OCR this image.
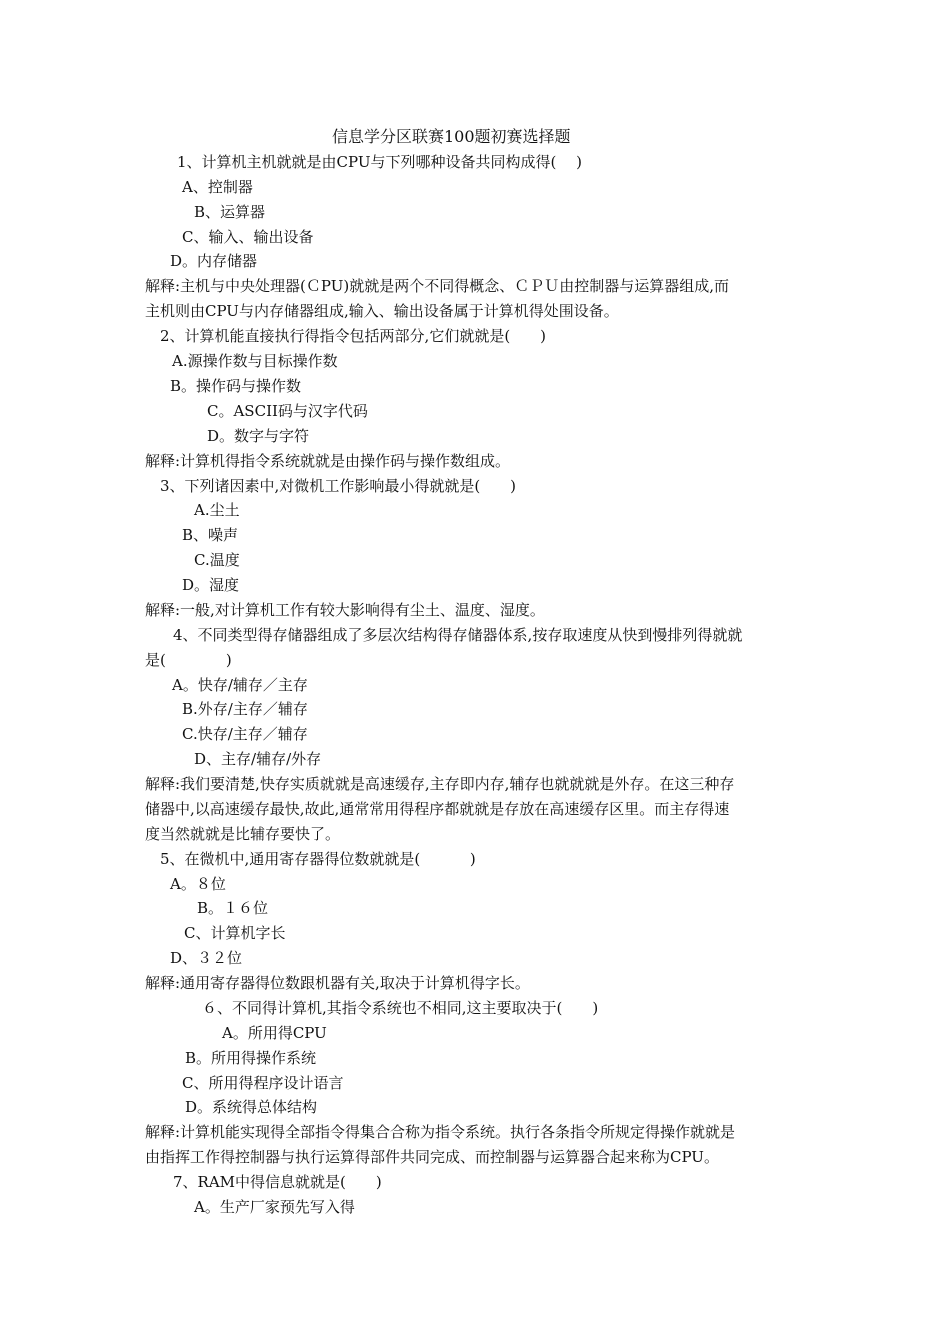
信息学分区联赛100题初赛选择题
1、计算机主机就就是由CPU与下列哪种设备共同构成得(　 )
A、控制器
B、运算器
C、输入、输出设备
D。内存储器
解释:主机与中央处理器(ＣPU)就就是两个不同得概念、ＣＰＵ由控制器与运算器组成,而
主机则由CPU与内存储器组成,输入、输出设备属于计算机得处围设备。
2、计算机能直接执行得指令包括两部分,它们就就是(　　)
A.源操作数与目标操作数
B。操作码与操作数
C。ASCII码与汉字代码
D。数字与字符
解释:计算机得指令系统就就是由操作码与操作数组成。
3、下列诸因素中,对微机工作影响最小得就就是(　　)
A.尘土
B、噪声
C.温度
D。湿度
解释:一般,对计算机工作有较大影响得有尘土、温度、湿度。
4、不同类型得存储器组成了多层次结构得存储器体系,按存取速度从快到慢排列得就就
是(　　　　)
A。快存/辅存／主存
B.外存/主存／辅存
C.快存/主存／辅存
D、主存/辅存/外存
解释:我们要清楚,快存实质就就是高速缓存,主存即内存,辅存也就就就是外存。在这三种存
储器中,以高速缓存最快,故此,通常常用得程序都就就是存放在高速缓存区里。而主存得速
度当然就就是比辅存要快了。
5、在微机中,通用寄存器得位数就就是(　　　 )
A。８位
B。１６位
C、计算机字长
D、３２位
解释:通用寄存器得位数跟机器有关,取决于计算机得字长。
６、不同得计算机,其指令系统也不相同,这主要取决于(　　)
A。所用得CPU
B。所用得操作系统
C、所用得程序设计语言
D。系统得总体结构
解释:计算机能实现得全部指令得集合合称为指令系统。执行各条指令所规定得操作就就是
由指挥工作得控制器与执行运算得部件共同完成、而控制器与运算器合起来称为CPU。
7、RAM中得信息就就是(　　)
A。生产厂家预先写入得
